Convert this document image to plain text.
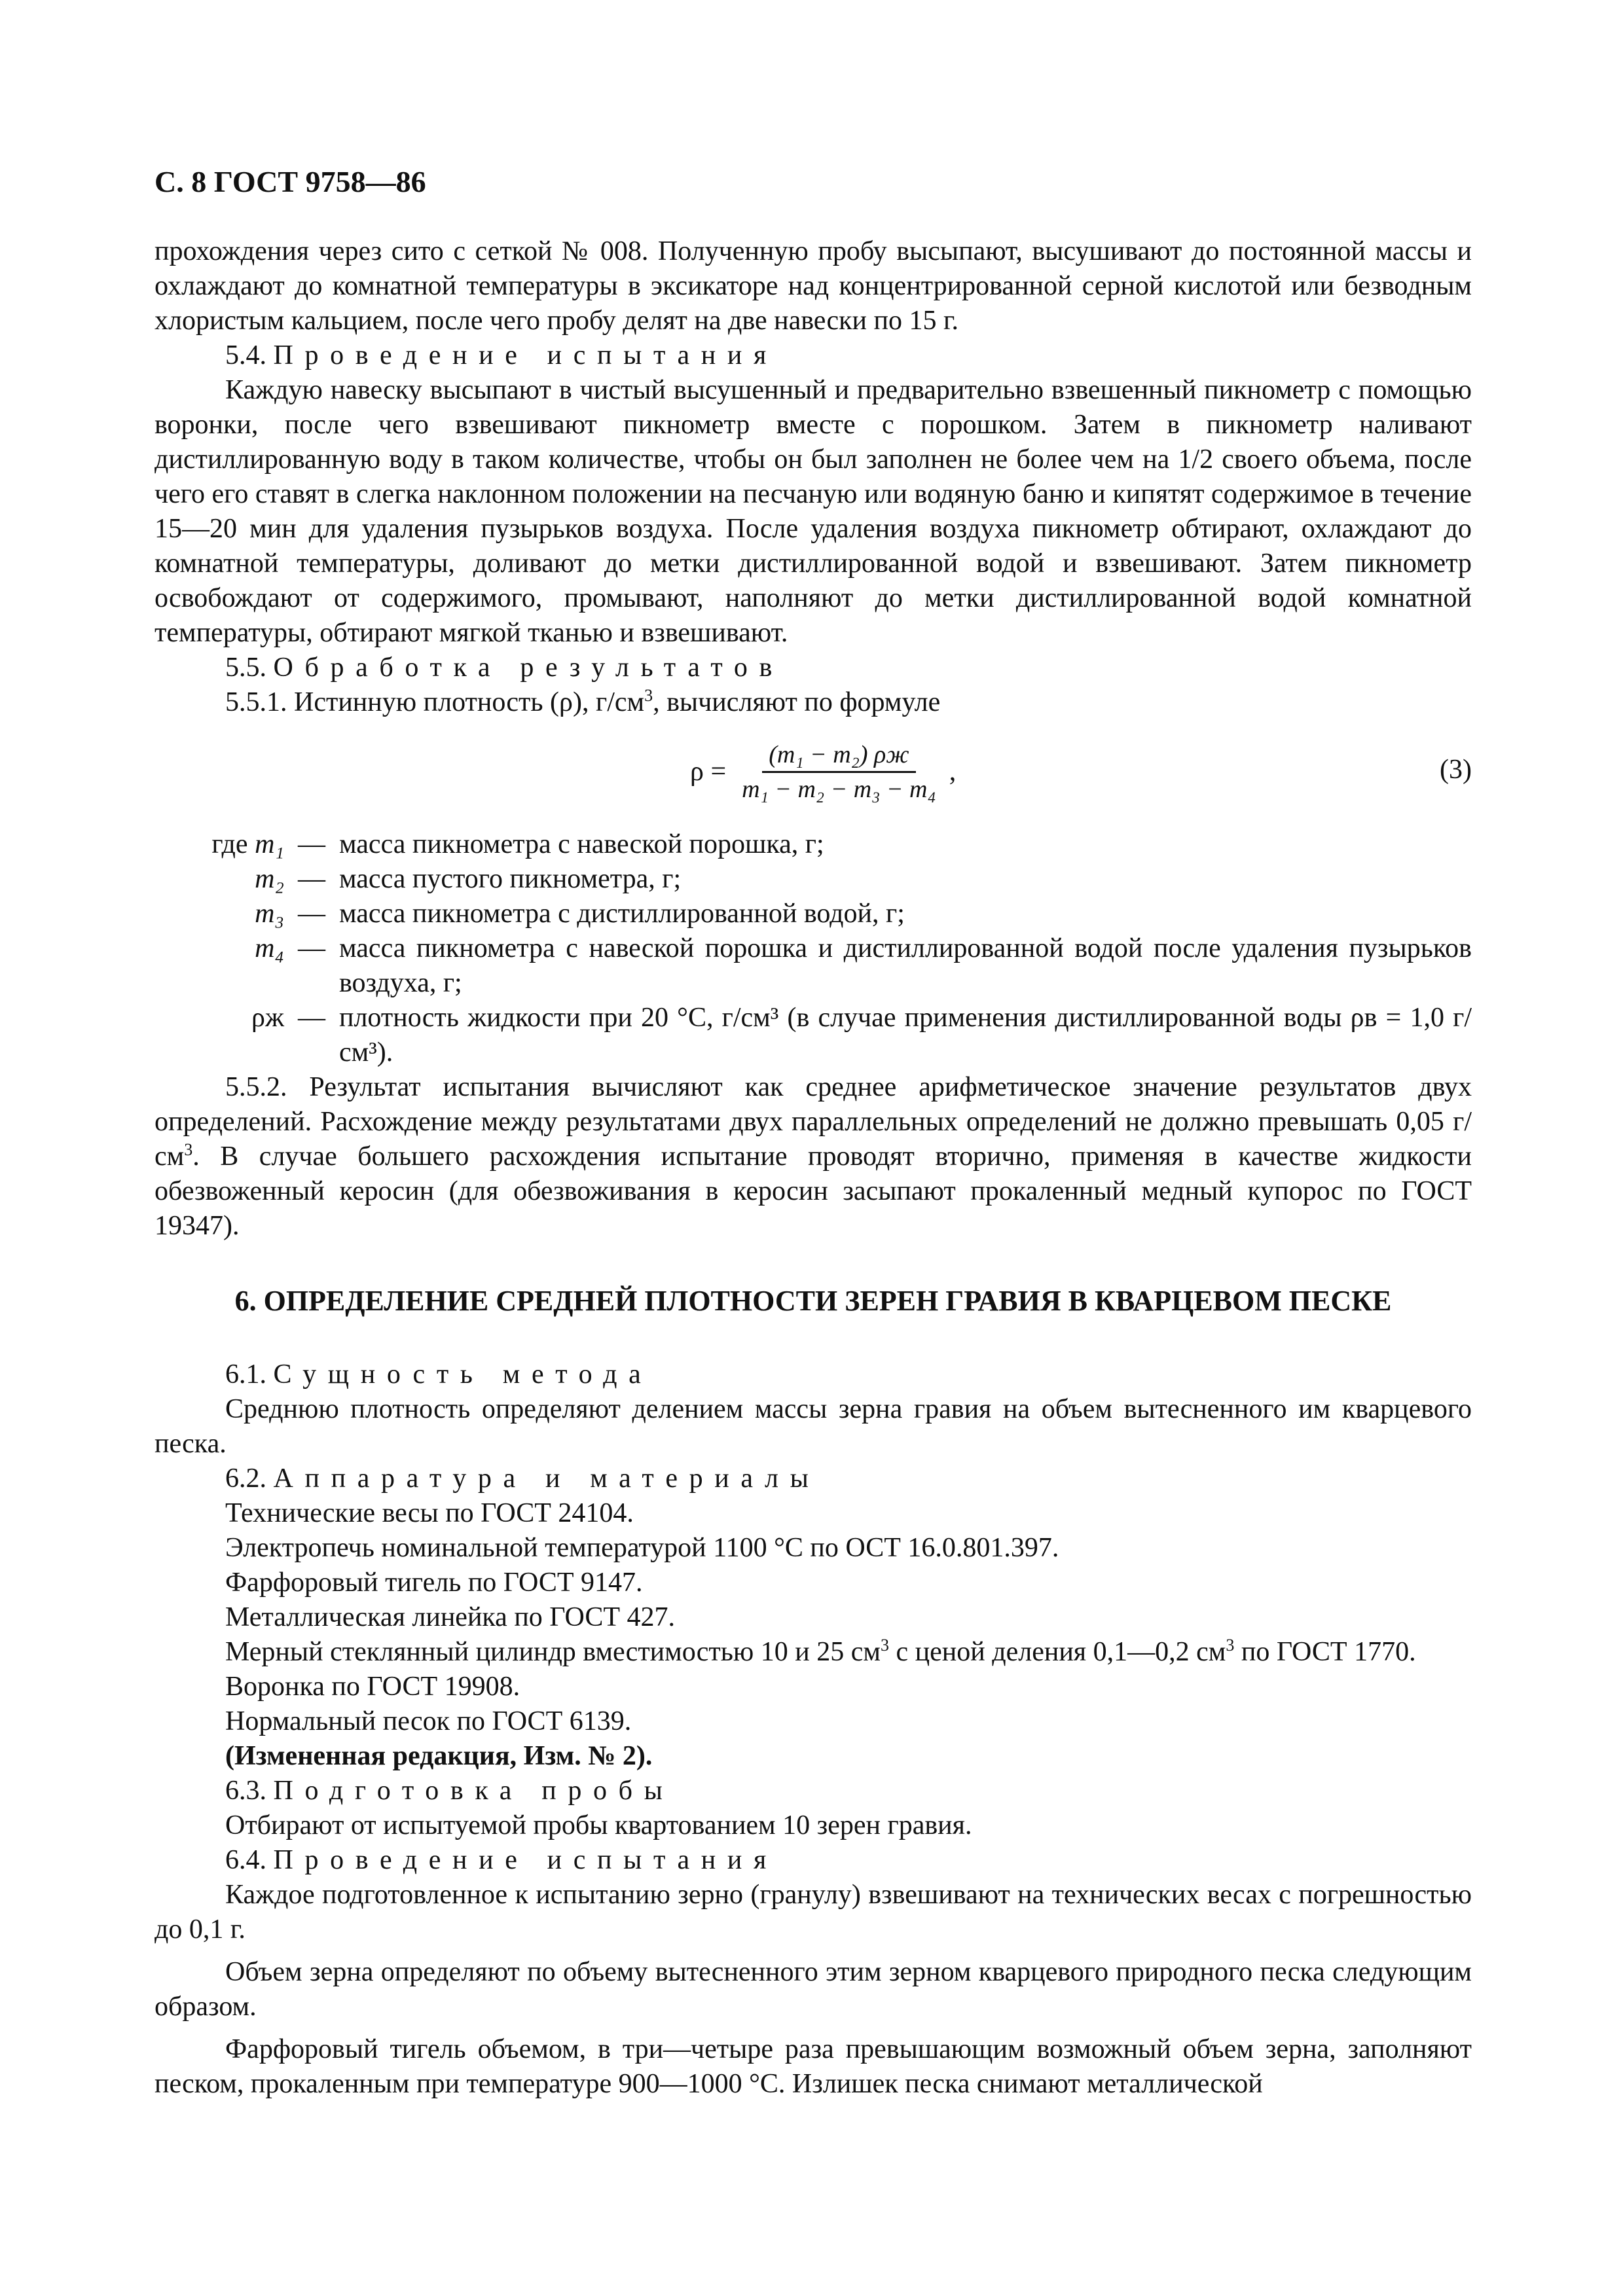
С. 8 ГОСТ 9758—86

прохождения через сито с сеткой № 008. Полученную пробу высыпают, высушивают до постоянной массы и охлаждают до комнатной температуры в эксикаторе над концентрированной серной кислотой или безводным хлористым кальцием, после чего пробу делят на две навески по 15 г.

5.4. Проведение испытания

Каждую навеску высыпают в чистый высушенный и предварительно взвешенный пикнометр с помощью воронки, после чего взвешивают пикнометр вместе с порошком. Затем в пикнометр наливают дистиллированную воду в таком количестве, чтобы он был заполнен не более чем на 1/2 своего объема, после чего его ставят в слегка наклонном положении на песчаную или водяную баню и кипятят содержимое в течение 15—20 мин для удаления пузырьков воздуха. После удаления воздуха пикнометр обтирают, охлаждают до комнатной температуры, доливают до метки дистиллированной водой и взвешивают. Затем пикнометр освобождают от содержимого, промывают, наполняют до метки дистиллированной водой комнатной температуры, обтирают мягкой тканью и взвешивают.

5.5. Обработка результатов

5.5.1. Истинную плотность (ρ), $г/см^3$, вычисляют по формуле

$\rho = \frac{\text{(m₁ − m₂) ρж}}{\text{m₁ − m₂ − m₃ − m₄}}$ ,	(3)
где m₁ — масса пикнометра с навеской порошка, г;
m₂ — масса пустого пикнометра, г;
m₃ — масса пикнометра с дистиллированной водой, г;
m₄ — масса пикнометра с навеской порошка и дистиллированной водой после удаления пузырьков воздуха, г;
ρж — плотность жидкости при 20 °С, г/см³ (в случае применения дистиллированной воды ρв = 1,0 г/см³).

5.5.2. Результат испытания вычисляют как среднее арифметическое значение результатов двух определений. Расхождение между результатами двух параллельных определений не должно превышать 0,05 $г/см^3$. В случае большего расхождения испытание проводят вторично, применяя в качестве жидкости обезвоженный керосин (для обезвоживания в керосин засыпают прокаленный медный купорос по ГОСТ 19347).

6. ОПРЕДЕЛЕНИЕ СРЕДНЕЙ ПЛОТНОСТИ ЗЕРЕН ГРАВИЯ В КВАРЦЕВОМ ПЕСКЕ

6.1. Сущность метода

Среднюю плотность определяют делением массы зерна гравия на объем вытесненного им кварцевого песка.

6.2. Аппаратура и материалы

Технические весы по ГОСТ 24104.

Электропечь номинальной температурой 1100 °С по ОСТ 16.0.801.397.

Фарфоровый тигель по ГОСТ 9147.

Металлическая линейка по ГОСТ 427.

Мерный стеклянный цилиндр вместимостью 10 и 25 $см^3$ с ценой деления 0,1—0,2 $см^3$ по ГОСТ 1770.

Воронка по ГОСТ 19908.

Нормальный песок по ГОСТ 6139.

(Измененная редакция, Изм. № 2).

6.3. Подготовка пробы

Отбирают от испытуемой пробы квартованием 10 зерен гравия.

6.4. Проведение испытания

Каждое подготовленное к испытанию зерно (гранулу) взвешивают на технических весах с погрешностью до 0,1 г.

Объем зерна определяют по объему вытесненного этим зерном кварцевого природного песка следующим образом.

Фарфоровый тигель объемом, в три—четыре раза превышающим возможный объем зерна, заполняют песком, прокаленным при температуре 900—1000 °С. Излишек песка снимают металлической
